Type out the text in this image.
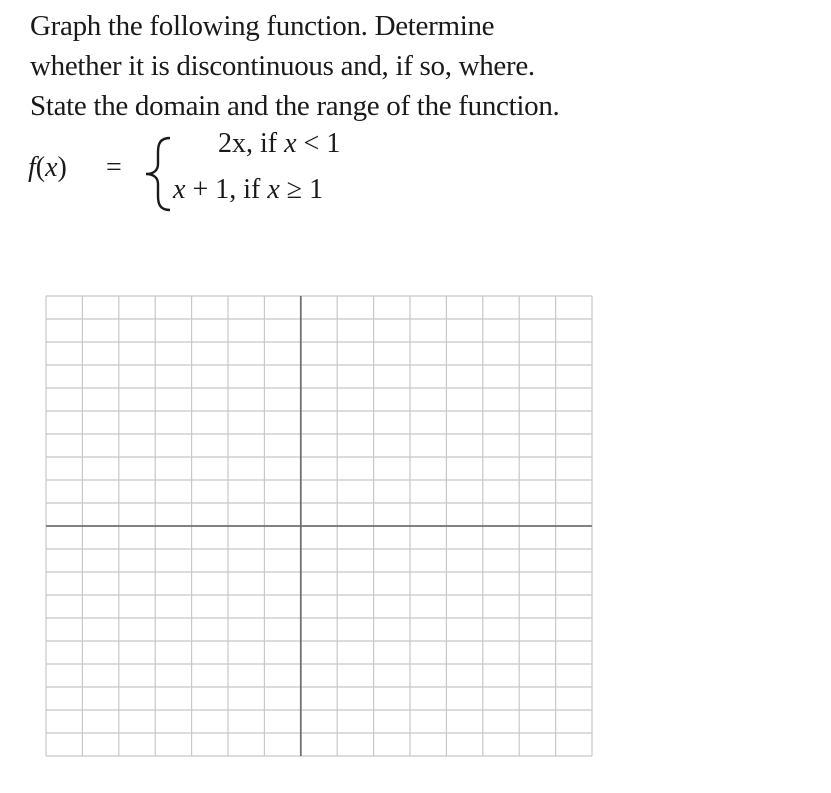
Graph the following function. Determine
whether it is discontinuous and, if so, where.
State the domain and the range of the function.
f(x) =
2x, if x < 1
x + 1, if x ≥ 1
